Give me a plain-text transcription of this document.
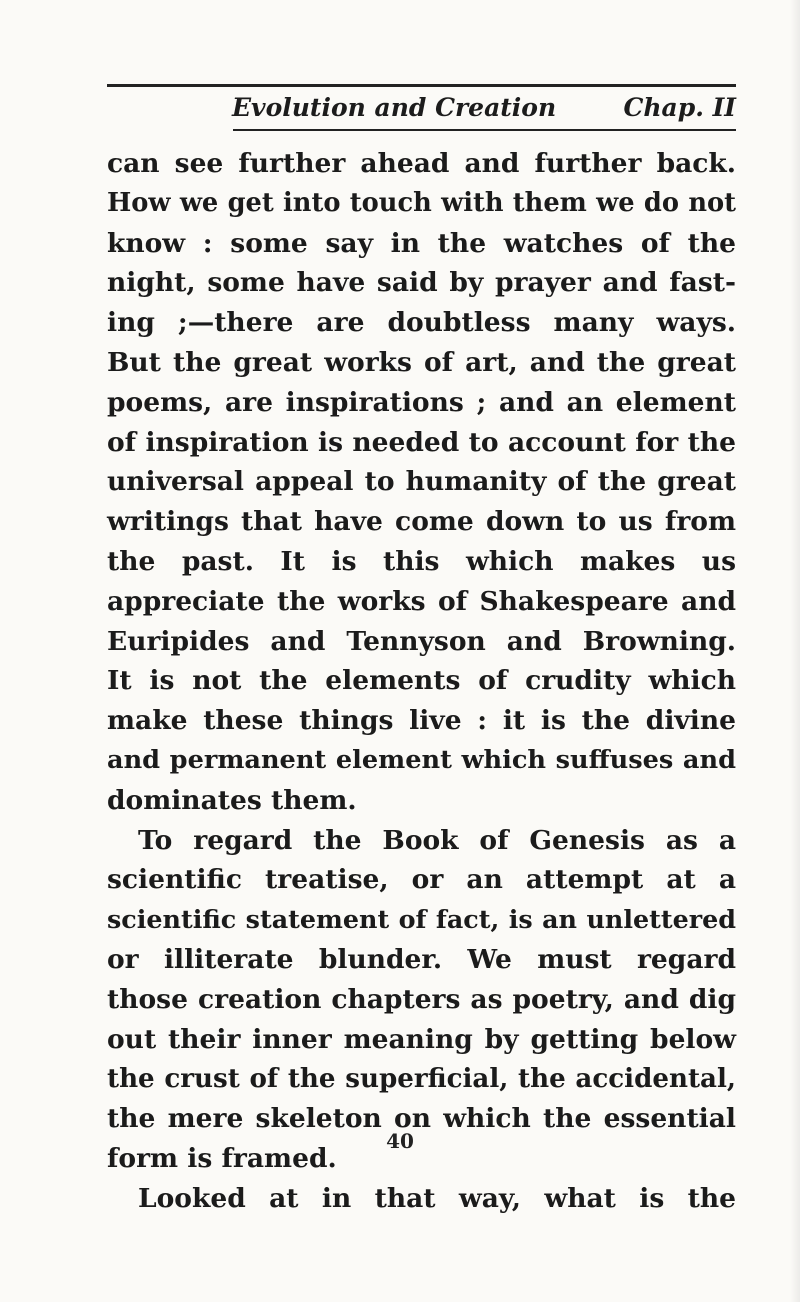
Evolution and Creation	Chap. II
can see further ahead and further back.
How we get into touch with them we do not
know : some say in the watches of the
night, some have said by prayer and fast-
ing ;—there are doubtless many ways.
But the great works of art, and the great
poems, are inspirations ; and an element
of inspiration is needed to account for the
universal appeal to humanity of the great
writings that have come down to us from
the past. It is this which makes us
appreciate the works of Shakespeare and
Euripides and Tennyson and Browning.
It is not the elements of crudity which
make these things live : it is the divine
and permanent element which suffuses and
dominates them.
To regard the Book of Genesis as a
scientific treatise, or an attempt at a
scientific statement of fact, is an unlettered
or illiterate blunder. We must regard
those creation chapters as poetry, and dig
out their inner meaning by getting below
the crust of the superficial, the accidental,
the mere skeleton on which the essential
form is framed.
Looked at in that way, what is the
40
